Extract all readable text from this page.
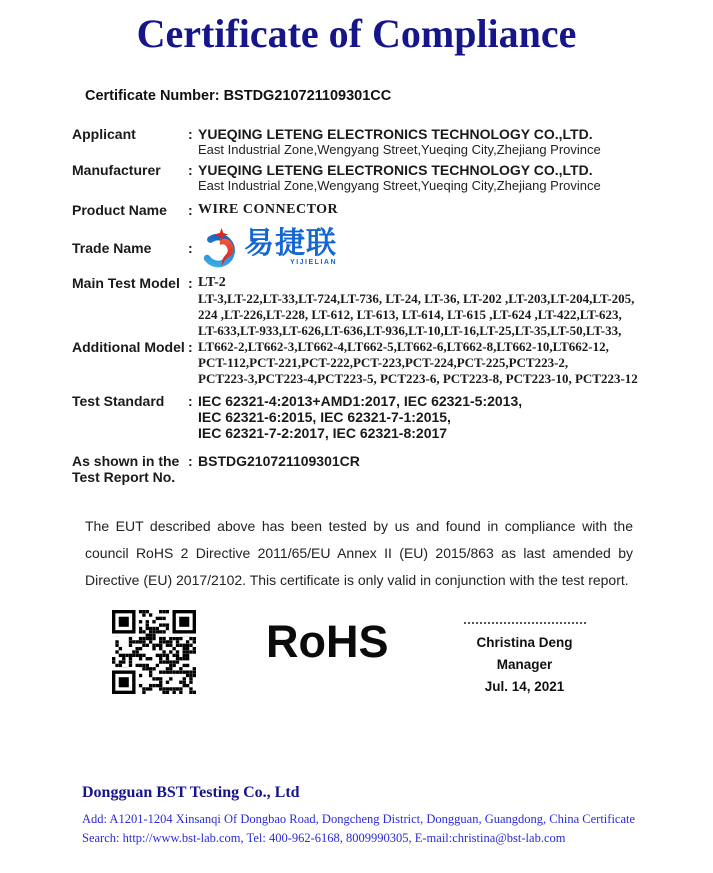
Certificate of Compliance
Certificate Number: BSTDG210721109301CC
Applicant	: YUEQING LETENG ELECTRONICS TECHNOLOGY CO.,LTD.
East Industrial Zone,Wengyang Street,Yueqing City,Zhejiang Province
Manufacturer	: YUEQING LETENG ELECTRONICS TECHNOLOGY CO.,LTD.
East Industrial Zone,Wengyang Street,Yueqing City,Zhejiang Province
Product Name	: WIRE CONNECTOR
Trade Name	: 易捷联
YIJIELIAN
Main Test Model : LT-2
Additional Model :
LT-3,LT-22,LT-33,LT-724,LT-736, LT-24, LT-36, LT-202 ,LT-203,LT-204,LT-205,
224 ,LT-226,LT-228, LT-612, LT-613, LT-614, LT-615 ,LT-624 ,LT-422,LT-623,
LT-633,LT-933,LT-626,LT-636,LT-936,LT-10,LT-16,LT-25,LT-35,LT-50,LT-33,
LT662-2,LT662-3,LT662-4,LT662-5,LT662-6,LT662-8,LT662-10,LT662-12,
PCT-112,PCT-221,PCT-222,PCT-223,PCT-224,PCT-225,PCT223-2,
PCT223-3,PCT223-4,PCT223-5, PCT223-6, PCT223-8, PCT223-10, PCT223-12
Test Standard	: IEC 62321-4:2013+AMD1:2017, IEC 62321-5:2013,
IEC 62321-6:2015, IEC 62321-7-1:2015,
IEC 62321-7-2:2017, IEC 62321-8:2017
As shown in the
Test Report No.
: BSTDG210721109301CR
The EUT described above has been tested by us and found in compliance with the council RoHS 2 Directive 2011/65/EU Annex II (EU) 2015/863 as last amended by Directive (EU) 2017/2102. This certificate is only valid in conjunction with the test report.
RoHS	Christina Deng
Manager
Jul. 14, 2021
Dongguan BST Testing Co., Ltd
Add: A1201-1204 Xinsanqi Of Dongbao Road, Dongcheng District, Dongguan, Guangdong, China Certificate
Search: http://www.bst-lab.com, Tel: 400-962-6168, 8009990305, E-mail:christina@bst-lab.com
